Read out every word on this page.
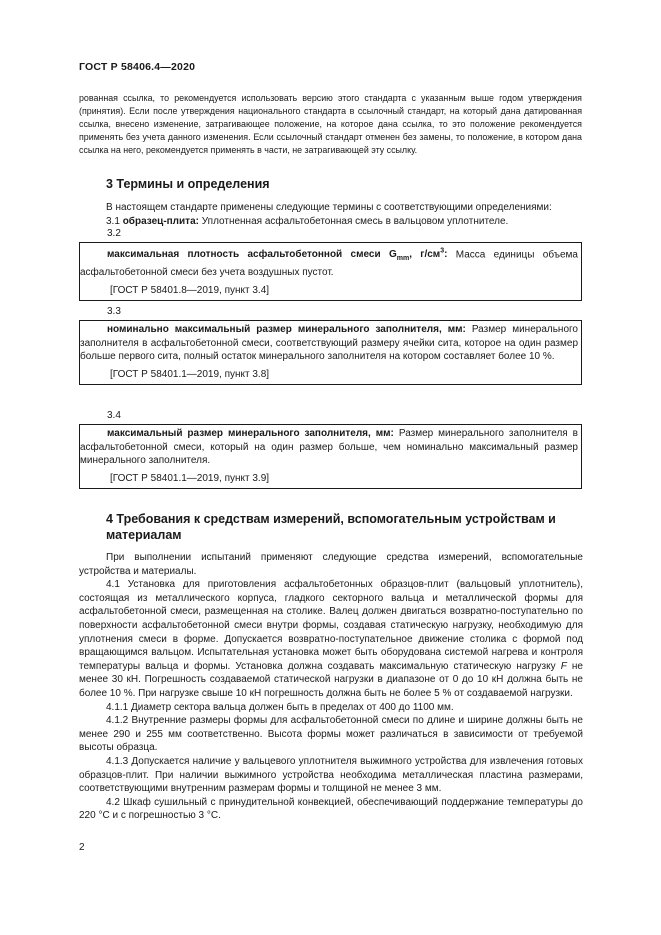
ГОСТ Р 58406.4—2020

рованная ссылка, то рекомендуется использовать версию этого стандарта с указанным выше годом утверждения (принятия). Если после утверждения национального стандарта в ссылочный стандарт, на который дана датированная ссылка, внесено изменение, затрагивающее положение, на которое дана ссылка, то это положение рекомендуется применять без учета данного изменения. Если ссылочный стандарт отменен без замены, то положение, в котором дана ссылка на него, рекомендуется применять в части, не затрагивающей эту ссылку.

3 Термины и определения

В настоящем стандарте применены следующие термины с соответствующими определениями:

3.1 образец-плита: Уплотненная асфальтобетонная смесь в вальцовом уплотнителе.

3.2

максимальная плотность асфальтобетонной смеси $G_{mm}$, $г/см^3$: Масса единицы объема асфальтобетонной смеси без учета воздушных пустот.

[ГОСТ Р 58401.8—2019, пункт 3.4]

3.3

номинально максимальный размер минерального заполнителя, мм: Размер минерального заполнителя в асфальтобетонной смеси, соответствующий размеру ячейки сита, которое на один размер больше первого сита, полный остаток минерального заполнителя на котором составляет более 10 %.

[ГОСТ Р 58401.1—2019, пункт 3.8]

3.4

максимальный размер минерального заполнителя, мм: Размер минерального заполнителя в асфальтобетонной смеси, который на один размер больше, чем номинально максимальный размер минерального заполнителя.

[ГОСТ Р 58401.1—2019, пункт 3.9]

4 Требования к средствам измерений, вспомогательным устройствам и материалам

При выполнении испытаний применяют следующие средства измерений, вспомогательные устройства и материалы.

4.1 Установка для приготовления асфальтобетонных образцов-плит (вальцовый уплотнитель), состоящая из металлического корпуса, гладкого секторного вальца и металлической формы для асфальтобетонной смеси, размещенная на столике. Валец должен двигаться возвратно-поступательно по поверхности асфальтобетонной смеси внутри формы, создавая статическую нагрузку, необходимую для уплотнения смеси в форме. Допускается возвратно-поступательное движение столика с формой под вращающимся вальцом. Испытательная установка может быть оборудована системой нагрева и контроля температуры вальца и формы. Установка должна создавать максимальную статическую нагрузку F не менее 30 кН. Погрешность создаваемой статической нагрузки в диапазоне от 0 до 10 кН должна быть не более 10 %. При нагрузке свыше 10 кН погрешность должна быть не более 5 % от создаваемой нагрузки.

4.1.1 Диаметр сектора вальца должен быть в пределах от 400 до 1100 мм.

4.1.2 Внутренние размеры формы для асфальтобетонной смеси по длине и ширине должны быть не менее 290 и 255 мм соответственно. Высота формы может различаться в зависимости от требуемой высоты образца.

4.1.3 Допускается наличие у вальцевого уплотнителя выжимного устройства для извлечения готовых образцов-плит. При наличии выжимного устройства необходима металлическая пластина размерами, соответствующими внутренним размерам формы и толщиной не менее 3 мм.

4.2 Шкаф сушильный с принудительной конвекцией, обеспечивающий поддержание температуры до 220 °С и с погрешностью 3 °С.

2
